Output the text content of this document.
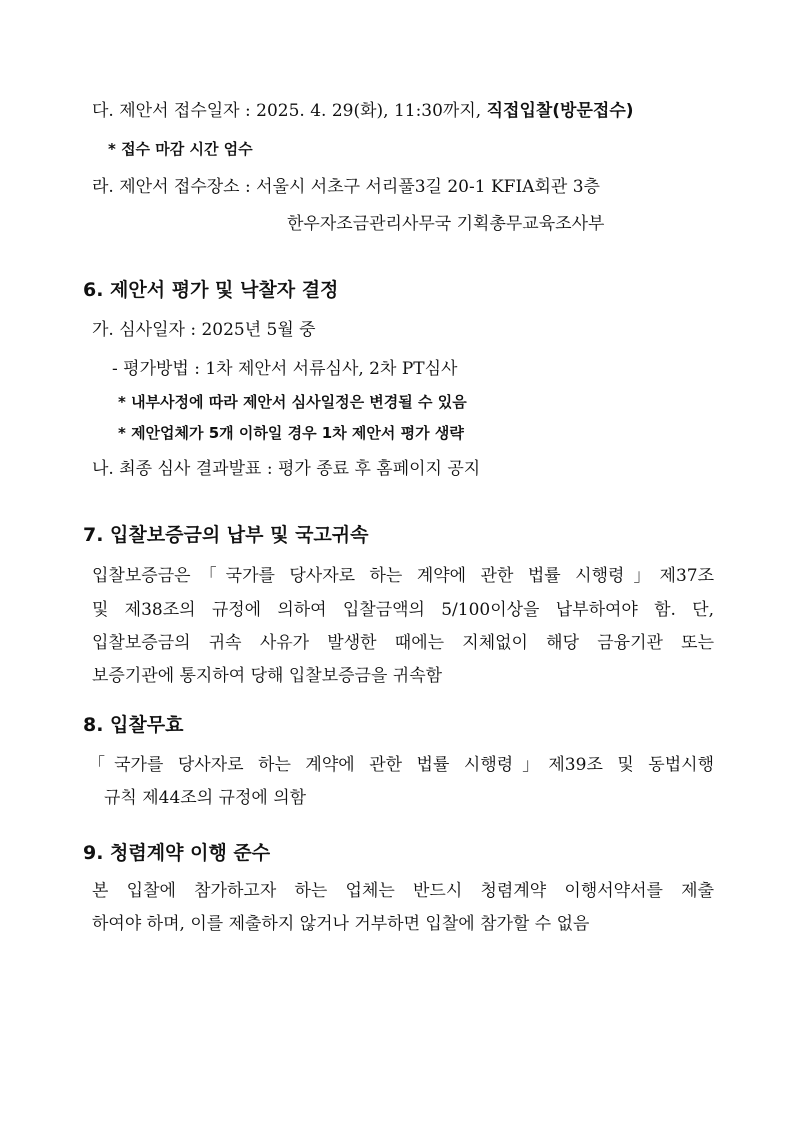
다. 제안서 접수일자 : 2025. 4. 29(화), 11:30까지, 직접입찰(방문접수)
* 접수 마감 시간 엄수
라. 제안서 접수장소 : 서울시 서초구 서리풀3길 20-1 KFIA회관 3층
한우자조금관리사무국 기획총무교육조사부
6. 제안서 평가 및 낙찰자 결정
가. 심사일자 : 2025년 5월 중
- 평가방법 : 1차 제안서 서류심사, 2차 PT심사
* 내부사정에 따라 제안서 심사일정은 변경될 수 있음
* 제안업체가 5개 이하일 경우 1차 제안서 평가 생략
나. 최종 심사 결과발표 : 평가 종료 후 홈페이지 공지
7. 입찰보증금의 납부 및 국고귀속
입찰보증금은「국가를 당사자로 하는 계약에 관한 법률 시행령」제37조
및 제38조의 규정에 의하여 입찰금액의 5/100이상을 납부하여야 함. 단,
입찰보증금의 귀속 사유가 발생한 때에는 지체없이 해당 금융기관 또는
보증기관에 통지하여 당해 입찰보증금을 귀속함
8. 입찰무효
「국가를 당사자로 하는 계약에 관한 법률 시행령」제39조 및 동법시행
규칙 제44조의 규정에 의함
9. 청렴계약 이행 준수
본 입찰에 참가하고자 하는 업체는 반드시 청렴계약 이행서약서를 제출
하여야 하며, 이를 제출하지 않거나 거부하면 입찰에 참가할 수 없음
